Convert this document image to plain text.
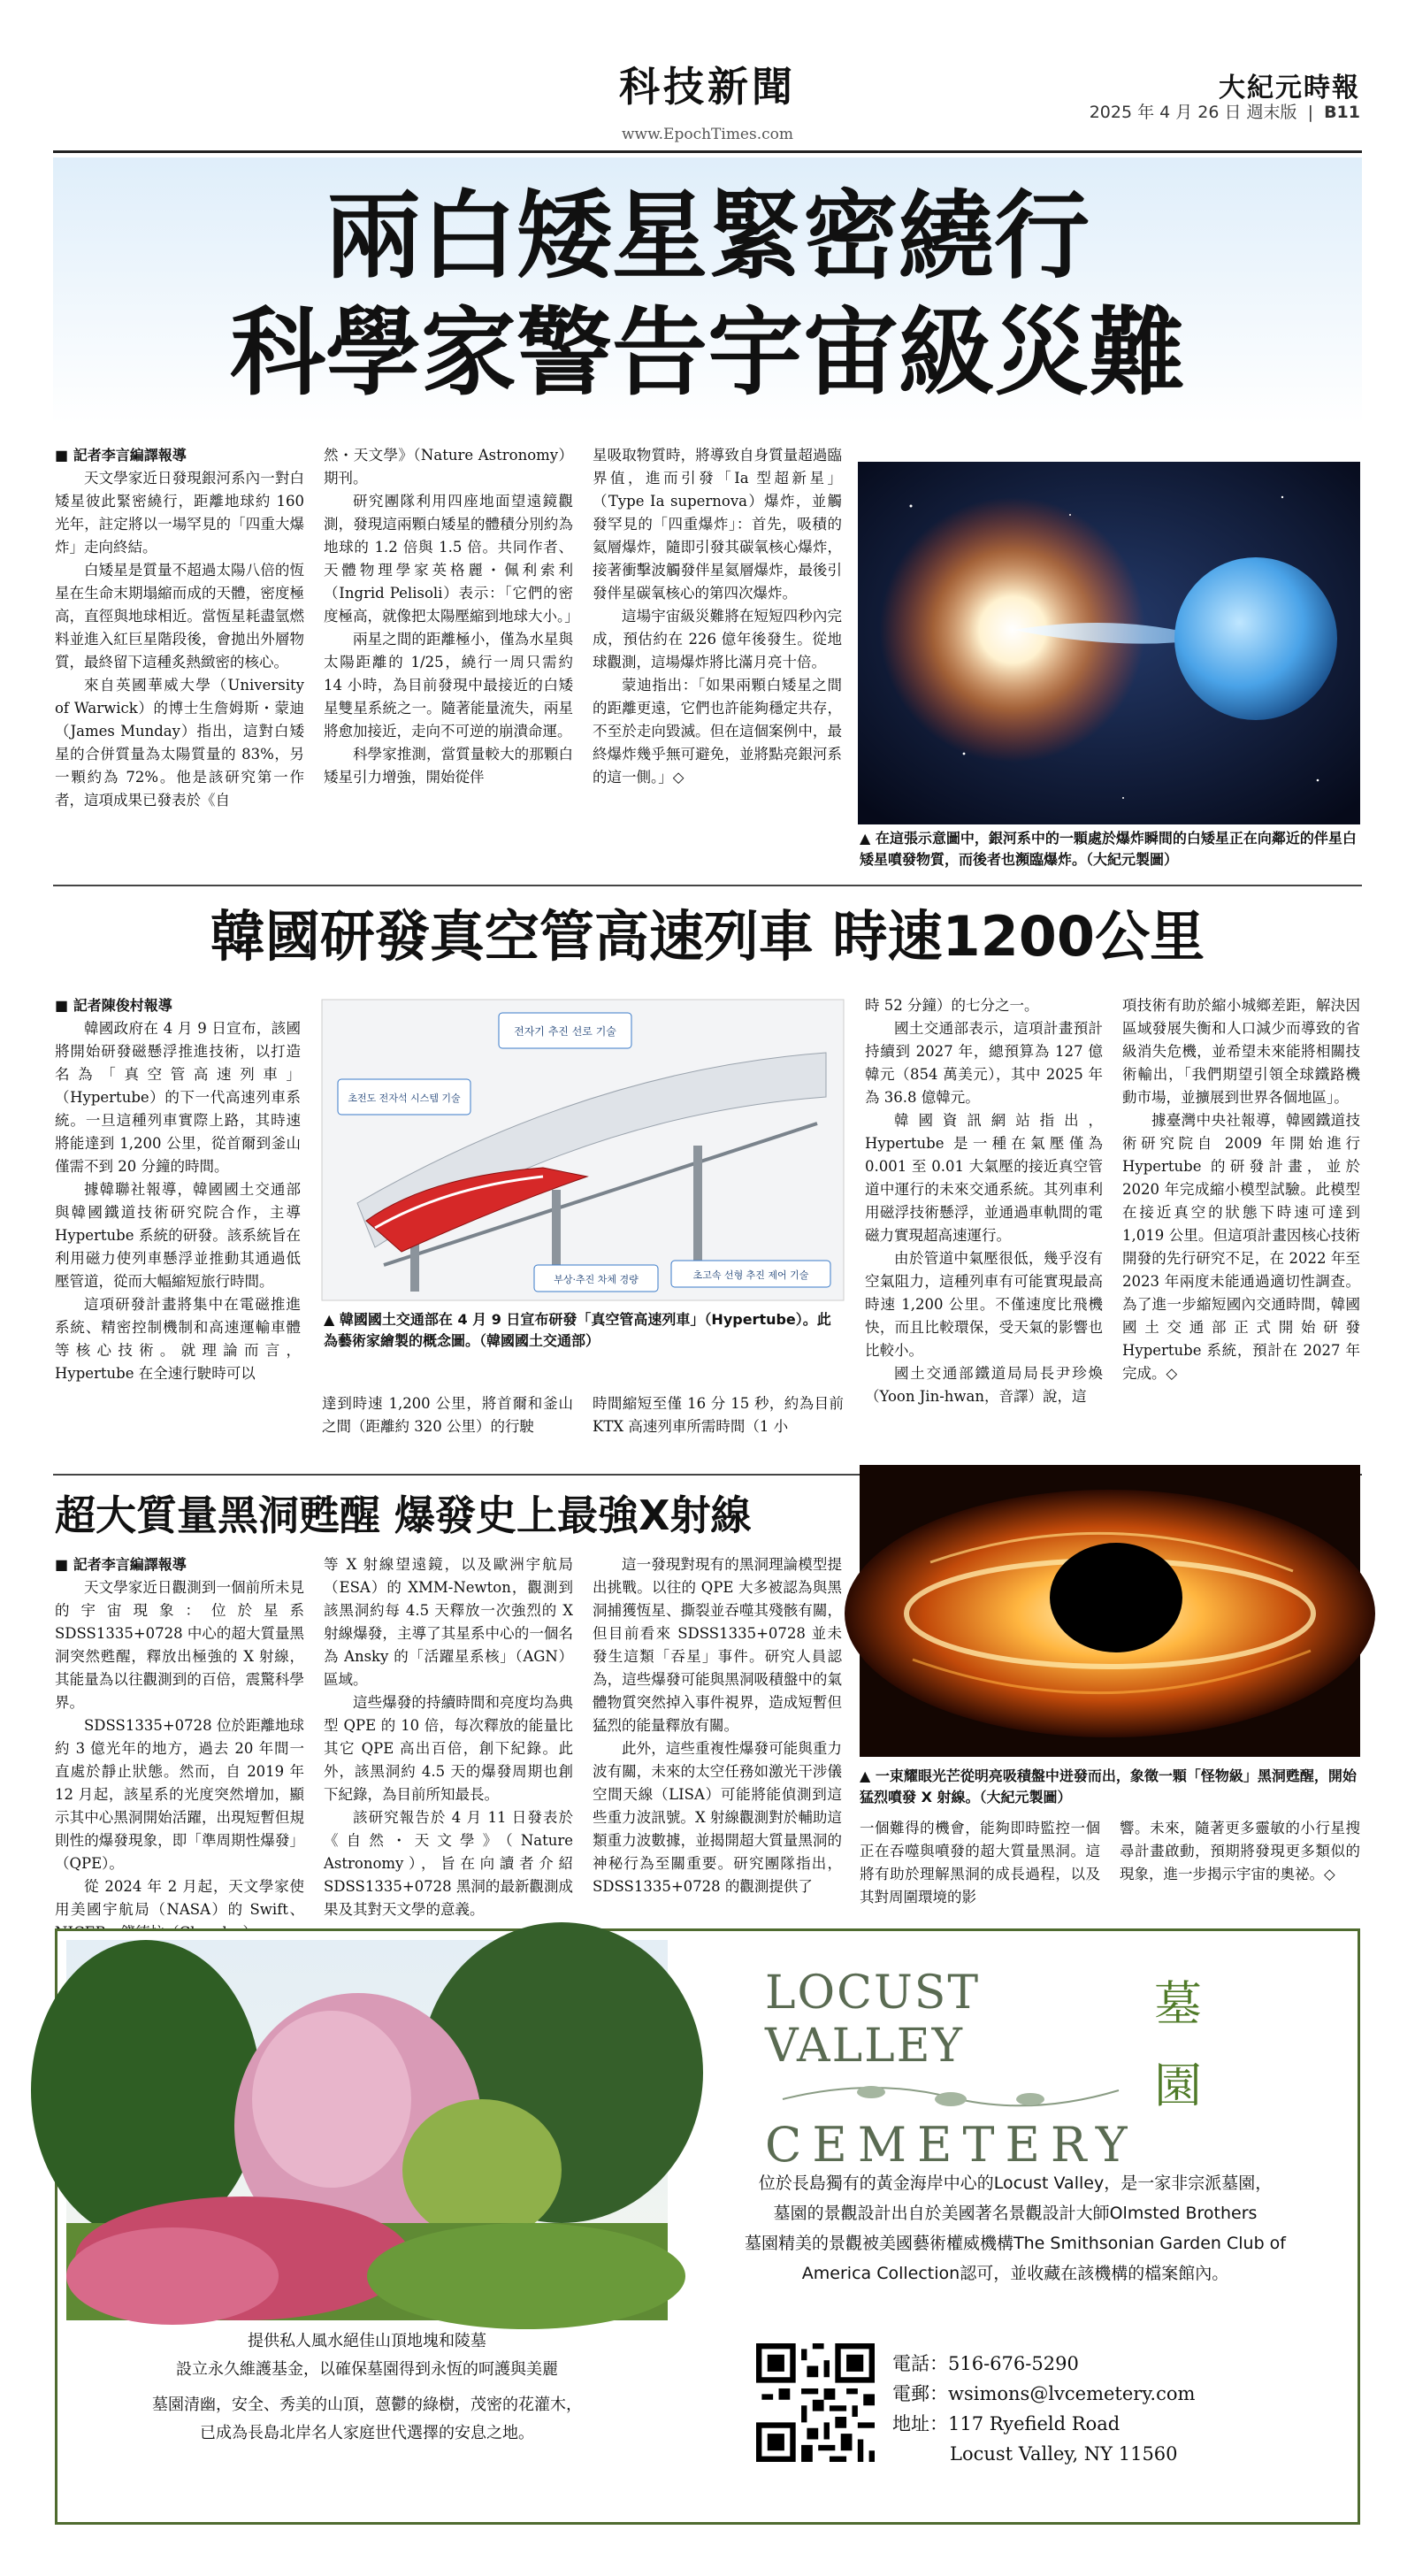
科技新聞
www.EpochTimes.com
大紀元時報
2025 年 4 月 26 日 週末版 | B11
兩白矮星緊密繞行
科學家警告宇宙級災難
■ 記者李言編譯報導

天文學家近日發現銀河系內一對白矮星彼此緊密繞行，距離地球約 160 光年，註定將以一場罕見的「四重大爆炸」走向終結。

白矮星是質量不超過太陽八倍的恆星在生命末期塌縮而成的天體，密度極高，直徑與地球相近。當恆星耗盡氫燃料並進入紅巨星階段後，會拋出外層物質，最終留下這種炙熱緻密的核心。

來自英國華威大學（University of Warwick）的博士生詹姆斯・蒙迪（James Munday）指出，這對白矮星的合併質量為太陽質量的 83%，另一顆約為 72%。他是該研究第一作者，這項成果已發表於《自

然・天文學》（Nature Astronomy）期刊。

研究團隊利用四座地面望遠鏡觀測，發現這兩顆白矮星的體積分別約為地球的 1.2 倍與 1.5 倍。共同作者、天體物理學家英格麗・佩利索利（Ingrid Pelisoli）表示：「它們的密度極高，就像把太陽壓縮到地球大小。」

兩星之間的距離極小，僅為水星與太陽距離的 1/25，繞行一周只需約 14 小時，為目前發現中最接近的白矮星雙星系統之一。隨著能量流失，兩星將愈加接近，走向不可逆的崩潰命運。

科學家推測，當質量較大的那顆白矮星引力增強，開始從伴

星吸取物質時，將導致自身質量超過臨界值，進而引發「Ia 型超新星」（Type Ia supernova）爆炸，並觸發罕見的「四重爆炸」：首先，吸積的氦層爆炸，隨即引發其碳氧核心爆炸，接著衝擊波觸發伴星氦層爆炸，最後引發伴星碳氧核心的第四次爆炸。

這場宇宙級災難將在短短四秒內完成，預估約在 226 億年後發生。從地球觀測，這場爆炸將比滿月亮十倍。

蒙迪指出：「如果兩顆白矮星之間的距離更遠，它們也許能夠穩定共存，不至於走向毀滅。但在這個案例中，最終爆炸幾乎無可避免，並將點亮銀河系的這一側。」◇

▲ 在這張示意圖中，銀河系中的一顆處於爆炸瞬間的白矮星正在向鄰近的伴星白矮星噴發物質，而後者也瀕臨爆炸。（大紀元製圖）
韓國研發真空管高速列車 時速1200公里
■ 記者陳俊村報導

韓國政府在 4 月 9 日宣布，該國將開始研發磁懸浮推進技術，以打造名為「真空管高速列車」（Hypertube）的下一代高速列車系統。一旦這種列車實際上路，其時速將能達到 1,200 公里，從首爾到釜山僅需不到 20 分鐘的時間。

據韓聯社報導，韓國國土交通部與韓國鐵道技術研究院合作，主導 Hypertube 系統的研發。該系統旨在利用磁力使列車懸浮並推動其通過低壓管道，從而大幅縮短旅行時間。

這項研發計畫將集中在電磁推進系統、精密控制機制和高速運輸車體等核心技術。就理論而言，Hypertube 在全速行駛時可以

전자기 추진 선로 기술
초전도 전자석 시스템 기술
부상·추진 차체 경량	초고속 선형 추진 제어 기술
▲ 韓國國土交通部在 4 月 9 日宣布研發「真空管高速列車」（Hypertube）。此為藝術家繪製的概念圖。（韓國國土交通部）

達到時速 1,200 公里，將首爾和釜山之間（距離約 320 公里）的行駛

時間縮短至僅 16 分 15 秒，約為目前 KTX 高速列車所需時間（1 小

時 52 分鐘）的七分之一。

國土交通部表示，這項計畫預計持續到 2027 年，總預算為 127 億韓元（854 萬美元），其中 2025 年為 36.8 億韓元。

韓國資訊網站指出，Hypertube 是一種在氣壓僅為 0.001 至 0.01 大氣壓的接近真空管道中運行的未來交通系統。其列車利用磁浮技術懸浮，並通過車軌間的電磁力實現超高速運行。

由於管道中氣壓很低，幾乎沒有空氣阻力，這種列車有可能實現最高時速 1,200 公里。不僅速度比飛機快，而且比較環保，受天氣的影響也比較小。

國土交通部鐵道局局長尹珍煥（Yoon Jin-hwan，音譯）說，這

項技術有助於縮小城鄉差距，解決因區域發展失衡和人口減少而導致的省級消失危機，並希望未來能將相關技術輸出，「我們期望引領全球鐵路機動市場，並擴展到世界各個地區」。

據臺灣中央社報導，韓國鐵道技術研究院自 2009 年開始進行 Hypertube 的研發計畫，並於 2020 年完成縮小模型試驗。此模型在接近真空的狀態下時速可達到 1,019 公里。但這項計畫因核心技術開發的先行研究不足，在 2022 年至 2023 年兩度未能通過適切性調查。為了進一步縮短國內交通時間，韓國國土交通部正式開始研發 Hypertube 系統，預計在 2027 年完成。◇

超大質量黑洞甦醒 爆發史上最強X射線
■ 記者李言編譯報導

天文學家近日觀測到一個前所未見的宇宙現象：位於星系 SDSS1335+0728 中心的超大質量黑洞突然甦醒，釋放出極強的 X 射線，其能量為以往觀測到的百倍，震驚科學界。

SDSS1335+0728 位於距離地球約 3 億光年的地方，過去 20 年間一直處於靜止狀態。然而，自 2019 年 12 月起，該星系的光度突然增加，顯示其中心黑洞開始活躍，出現短暫但規則性的爆發現象，即「準周期性爆發」（QPE）。

從 2024 年 2 月起，天文學家使用美國宇航局（NASA）的 Swift、

等 X 射線望遠鏡，以及歐洲宇航局（ESA）的 XMM-Newton，觀測到該黑洞約每 4.5 天釋放一次強烈的 X 射線爆發，主導了其星系中心的一個名為 Ansky 的「活躍星系核」（AGN）區域。

這些爆發的持續時間和亮度均為典型 QPE 的 10 倍，每次釋放的能量比其它 QPE 高出百倍，創下紀錄。此外，該黑洞約 4.5 天的爆發周期也創下紀錄，為目前所知最長。

該研究報告於 4 月 11 日發表於《自然・天文學》（Nature Astronomy），旨在向讀者介紹 SDSS1335+0728 黑洞的最新觀測成果及其對天文學的意義。

這一發現對現有的黑洞理論模型提出挑戰。以往的 QPE 大多被認為與黑洞捕獲恆星、撕裂並吞噬其殘骸有關，但目前看來 SDSS1335+0728 並未發生這類「吞星」事件。研究人員認為，這些爆發可能與黑洞吸積盤中的氣體物質突然掉入事件視界，造成短暫但猛烈的能量釋放有關。

此外，這些重複性爆發可能與重力波有關，未來的太空任務如激光干涉儀空間天線（LISA）可能將能偵測到這些重力波訊號。X 射線觀測對於輔助這類重力波數據，並揭開超大質量黑洞的神秘行為至關重要。研究團隊指出，SDSS1335+0728 的觀測提供了

▲ 一束耀眼光芒從明亮吸積盤中迸發而出，象徵一顆「怪物級」黑洞甦醒，開始猛烈噴發 X 射線。（大紀元製圖）

一個難得的機會，能夠即時監控一個正在吞噬與噴發的超大質量黑洞。這將有助於理解黑洞的成長過程，以及其對周圍環境的影

響。未來，隨著更多靈敏的小行星搜尋計畫啟動，預期將發現更多類似的現象，進一步揭示宇宙的奧祕。◇

提供私人風水絕佳山頂地塊和陵墓
設立永久維護基金，以確保墓園得到永恆的呵護與美麗
墓園清幽，安全、秀美的山頂，蒽鬱的綠樹，茂密的花灌木，
已成為長島北岸名人家庭世代選擇的安息之地。
LOCUST VALLEY
CEMETERY
墓
園
位於長島獨有的黃金海岸中心的Locust Valley，是一家非宗派墓園，
墓園的景觀設計出自於美國著名景觀設計大師Olmsted Brothers
墓園精美的景觀被美國藝術權威機構The Smithsonian Garden Club of
America Collection認可，並收藏在該機構的檔案館內。
電話：516-676-5290
電郵：wsimons@lvcemetery.com
地址：117 Ryefield Road
Locust Valley, NY 11560
